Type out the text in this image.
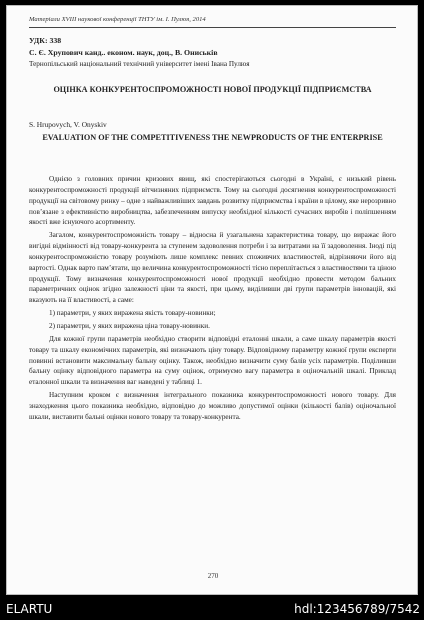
Матеріали XVIII наукової конференції ТНТУ ім. І. Пулюя, 2014
УДК: 338
С. Є. Хрупович канд.. економ. наук, доц., В. Ониськів
Тернопільський національний технічний університет імені Івана Пулюя
ОЦІНКА КОНКУРЕНТОСПРОМОЖНОСТІ НОВОЇ ПРОДУКЦІЇ ПІДПРИЄМСТВА
S. Hrupovych, V. Onyskiv
EVALUATION OF THE COMPETITIVENESS THE NEWPRODUCTS OF THE ENTERPRISE

Однією з головних причин кризових явищ, які спостерігаються сьогодні в Україні, є низький рівень конкурентоспроможності продукції вітчизняних підприємств. Тому на сьогодні досягнення конкурентоспроможності продукції на світовому ринку – одне з найважливіших завдань розвитку підприємства і країни в цілому, яке нерозривно пов’язане з ефективністю виробництва, забезпеченням випуску необхідної кількості сучасних виробів і поліпшенням якості вже існуючого асортименту.

Загалом, конкурентоспроможність товару – відносна й узагальнена характеристика товару, що виражає його вигідні відмінності від товару-конкурента за ступенем задоволення потреби і за витратами на її задоволення. Іноді під конкурентоспроможністю товару розуміють лише комплекс певних споживчих властивостей, відрізняючи його від вартості. Однак варто пам’ятати, що величина конкурентоспроможності тісно переплітається з властивостями та ціною продукції. Тому визначення конкурентоспроможності нової продукції необхідно провести методом бальних параметричних оцінок згідно залежності ціни та якості, при цьому, виділивши дві групи параметрів інновацій, які вказують на її властивості, а саме:

1) параметри, у яких виражена якість товару-новинки;

2) параметри, у яких виражена ціна товару-новинки.

Для кожної групи параметрів необхідно створити відповідні еталонні шкали, а саме шкалу параметрів якості товару та шкалу економічних параметрів, які визначають ціну товару. Відповідному параметру кожної групи експерти повинні встановити максимальну бальну оцінку. Також, необхідно визначити суму балів усіх параметрів. Поділивши бальну оцінку відповідного параметра на суму оцінок, отримуємо вагу параметра в оціночальній шкалі. Приклад еталонної шкали та визначення ваг наведені у таблиці 1.

Наступним кроком є визначення інтегрального показника конкурентоспроможності нового товару. Для знаходження цього показника необхідно, відповідно до можливо допустимої оцінки (кількості балів) оціночальної шкали, виставити бальні оцінки нового товару та товару-конкурента.

270
ELARTU	hdl:123456789/7542
